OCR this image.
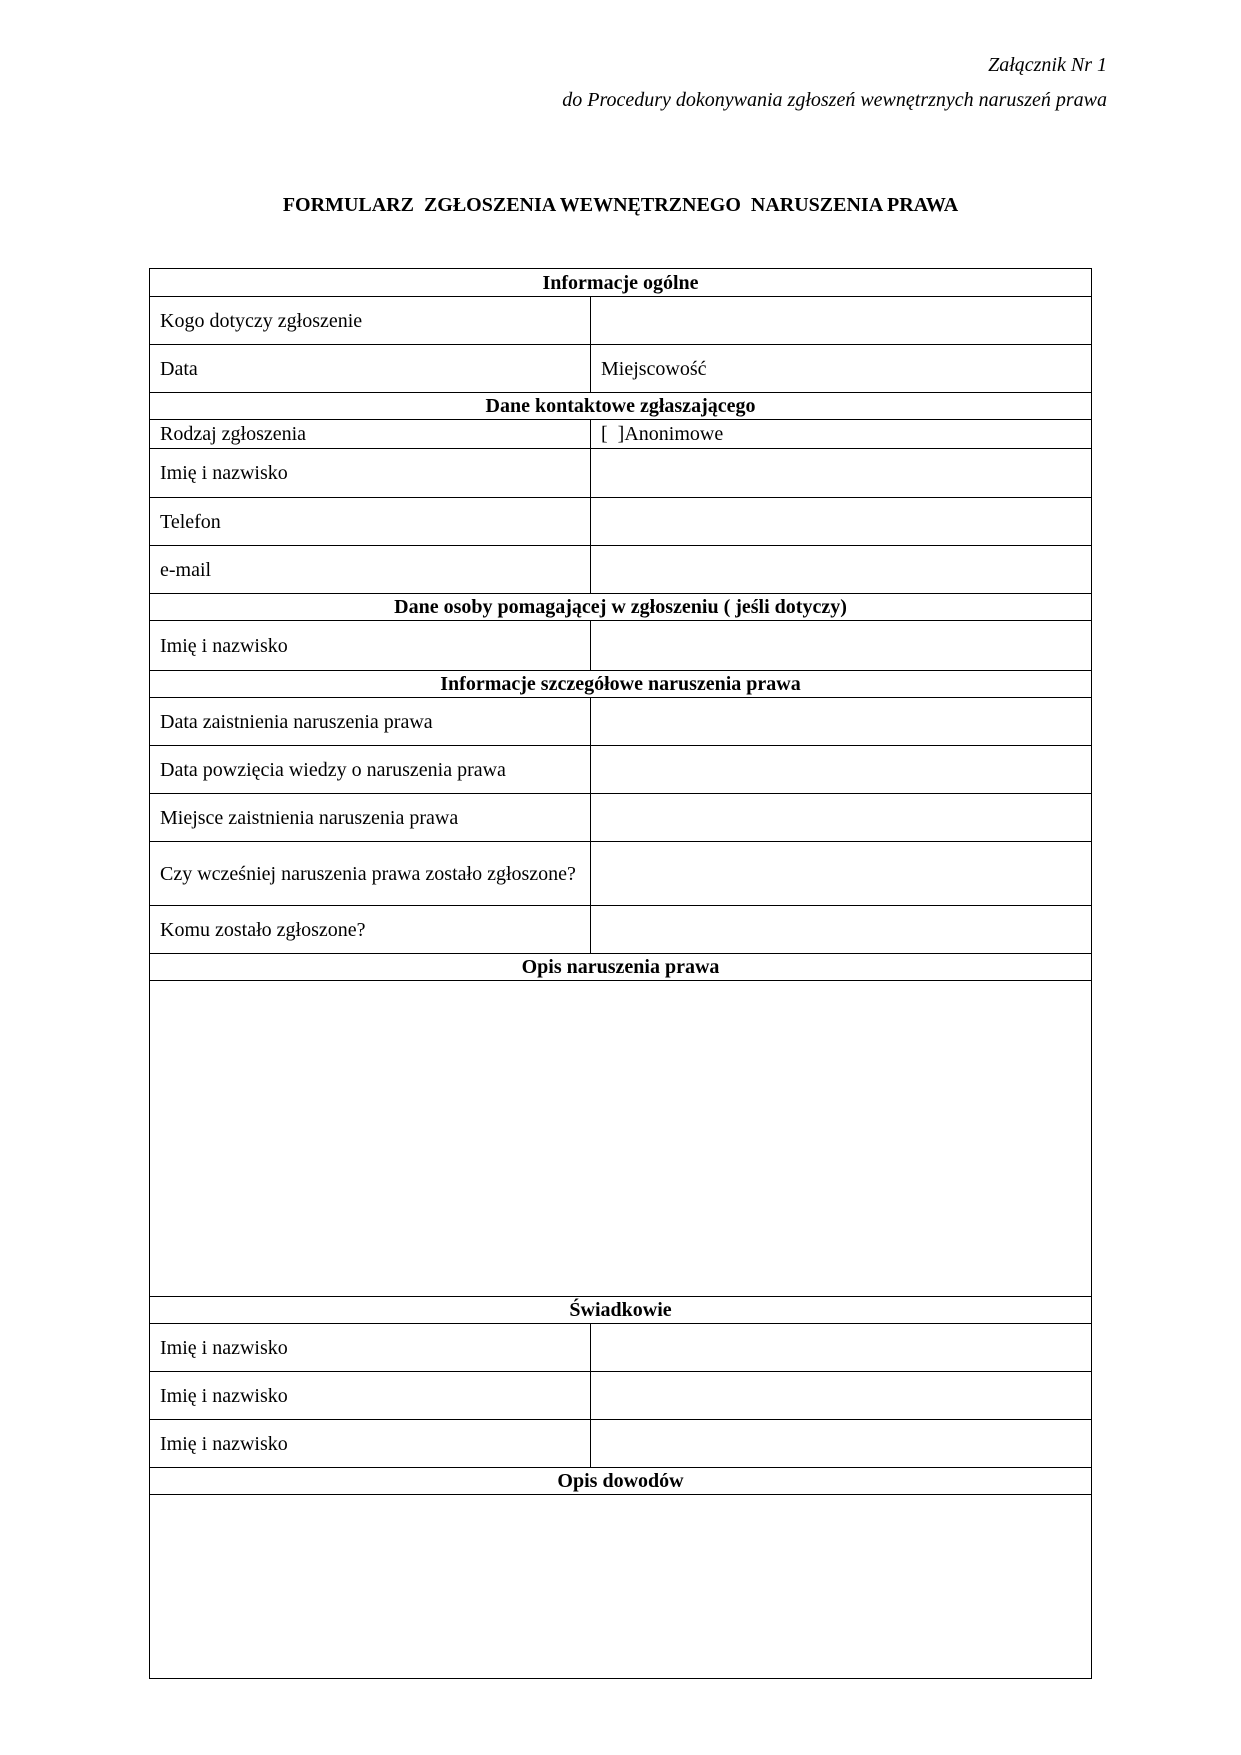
Załącznik Nr 1
do Procedury dokonywania zgłoszeń wewnętrznych naruszeń prawa
FORMULARZ  ZGŁOSZENIA WEWNĘTRZNEGO  NARUSZENIA PRAWA
Informacje ogólne	
Kogo dotyczy zgłoszenie	
Data	Miejscowość
Dane kontaktowe zgłaszającego	
Rodzaj zgłoszenia	[  ]Anonimowe
Imię i nazwisko	
Telefon	
e-mail	
Dane osoby pomagającej w zgłoszeniu ( jeśli dotyczy)	
Imię i nazwisko	
Informacje szczegółowe naruszenia prawa	
Data zaistnienia naruszenia prawa	
Data powzięcia wiedzy o naruszenia prawa	
Miejsce zaistnienia naruszenia prawa	
Czy wcześniej naruszenia prawa zostało zgłoszone?	
Komu zostało zgłoszone?	
Opis naruszenia prawa	

Świadkowie	
Imię i nazwisko	
Imię i nazwisko	
Imię i nazwisko	
Opis dowodów	
